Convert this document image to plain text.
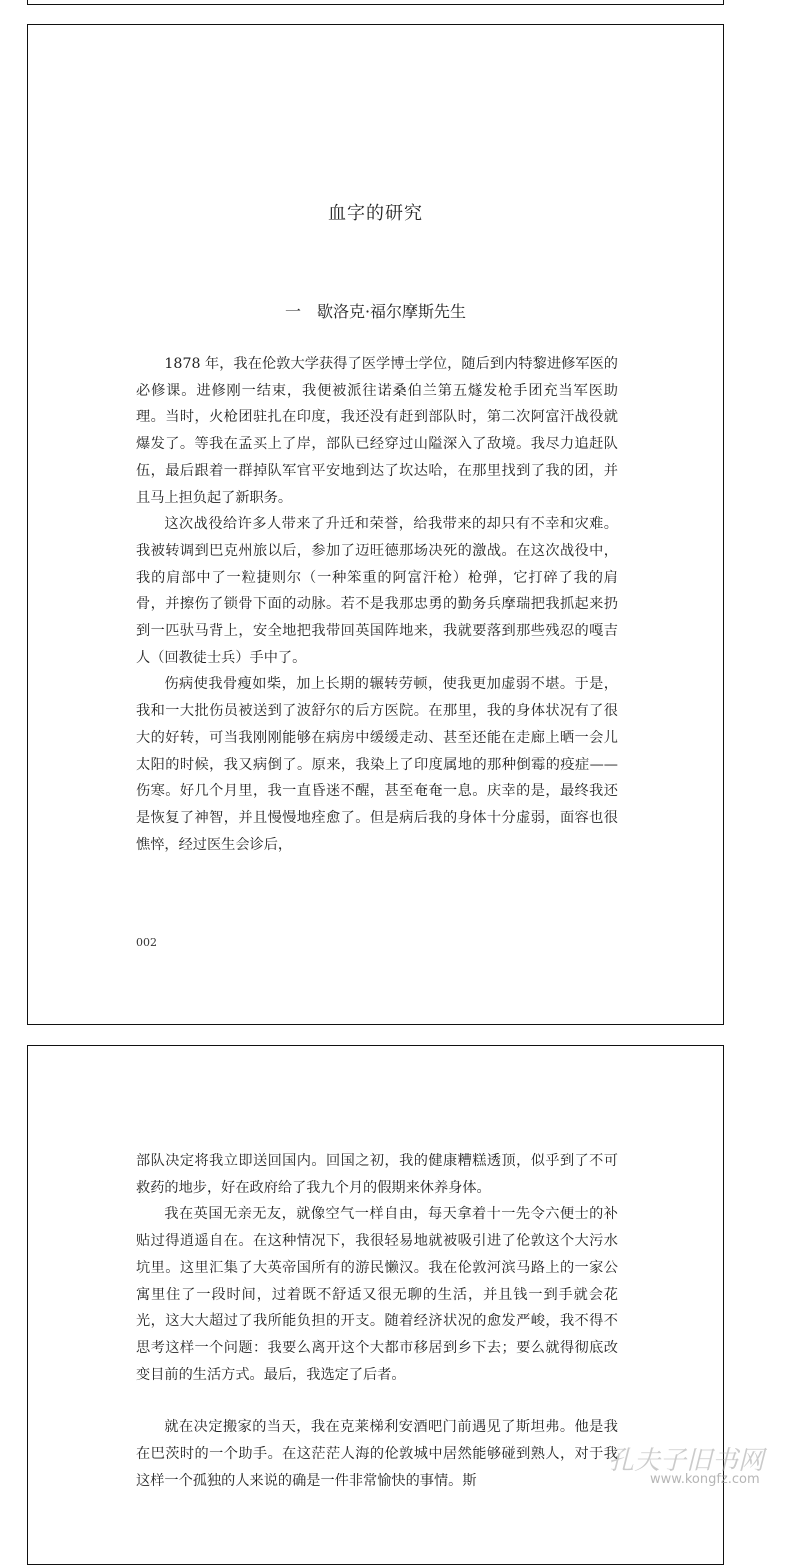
血字的研究
一　歇洛克·福尔摩斯先生

1878 年，我在伦敦大学获得了医学博士学位，随后到内特黎进修军医的必修课。进修刚一结束，我便被派往诺桑伯兰第五燧发枪手团充当军医助理。当时，火枪团驻扎在印度，我还没有赶到部队时，第二次阿富汗战役就爆发了。等我在孟买上了岸，部队已经穿过山隘深入了敌境。我尽力追赶队伍，最后跟着一群掉队军官平安地到达了坎达哈，在那里找到了我的团，并且马上担负起了新职务。

这次战役给许多人带来了升迁和荣誉，给我带来的却只有不幸和灾难。我被转调到巴克州旅以后，参加了迈旺德那场决死的激战。在这次战役中，我的肩部中了一粒捷则尔（一种笨重的阿富汗枪）枪弹，它打碎了我的肩骨，并擦伤了锁骨下面的动脉。若不是我那忠勇的勤务兵摩瑞把我抓起来扔到一匹驮马背上，安全地把我带回英国阵地来，我就要落到那些残忍的嘎吉人（回教徒士兵）手中了。

伤病使我骨瘦如柴，加上长期的辗转劳顿，使我更加虚弱不堪。于是，我和一大批伤员被送到了波舒尔的后方医院。在那里，我的身体状况有了很大的好转，可当我刚刚能够在病房中缓缓走动、甚至还能在走廊上晒一会儿太阳的时候，我又病倒了。原来，我染上了印度属地的那种倒霉的疫症——伤寒。好几个月里，我一直昏迷不醒，甚至奄奄一息。庆幸的是，最终我还是恢复了神智，并且慢慢地痊愈了。但是病后我的身体十分虚弱，面容也很憔悴，经过医生会诊后，

002

部队决定将我立即送回国内。回国之初，我的健康糟糕透顶，似乎到了不可救药的地步，好在政府给了我九个月的假期来休养身体。

我在英国无亲无友，就像空气一样自由，每天拿着十一先令六便士的补贴过得逍遥自在。在这种情况下，我很轻易地就被吸引进了伦敦这个大污水坑里。这里汇集了大英帝国所有的游民懒汉。我在伦敦河滨马路上的一家公寓里住了一段时间，过着既不舒适又很无聊的生活，并且钱一到手就会花光，这大大超过了我所能负担的开支。随着经济状况的愈发严峻，我不得不思考这样一个问题：我要么离开这个大都市移居到乡下去；要么就得彻底改变目前的生活方式。最后，我选定了后者。

就在决定搬家的当天，我在克莱梯利安酒吧门前遇见了斯坦弗。他是我在巴茨时的一个助手。在这茫茫人海的伦敦城中居然能够碰到熟人，对于我这样一个孤独的人来说的确是一件非常愉快的事情。斯

孔夫子旧书网
www.kongfz.com
